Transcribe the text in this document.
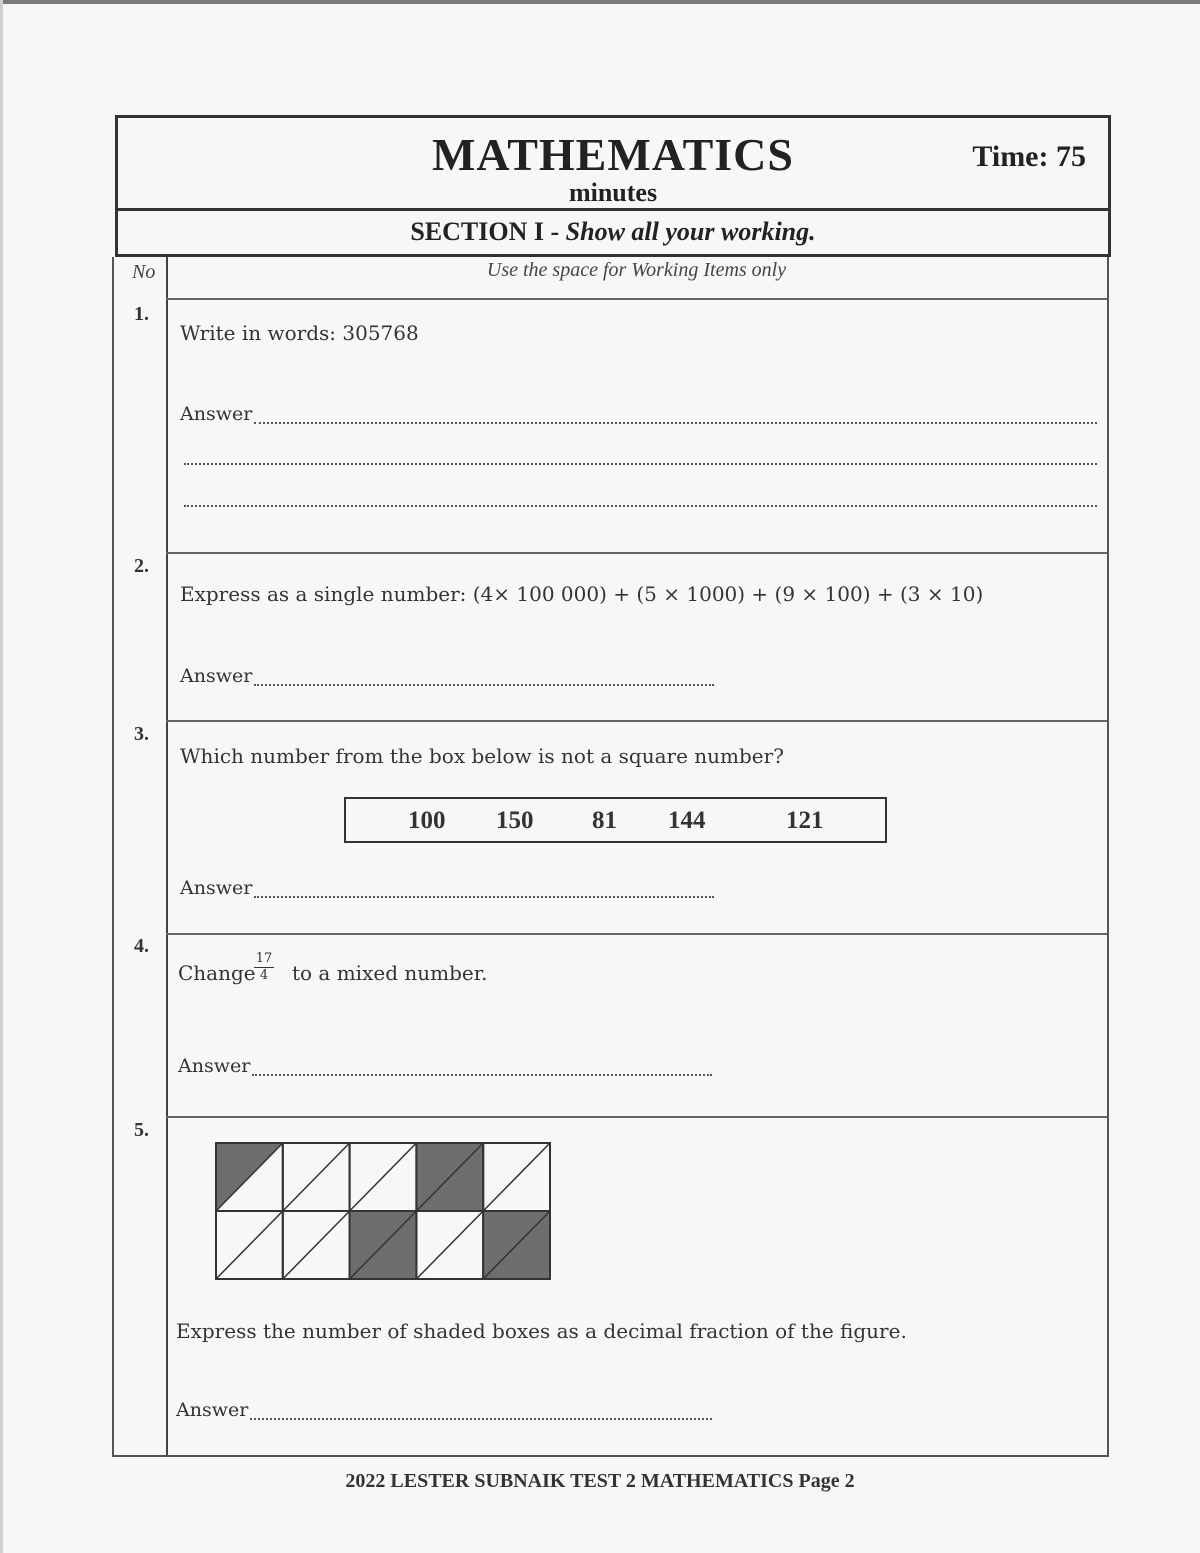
MATHEMATICS	Time: 75
minutes
SECTION I - Show all your working.
No	Use the space for Working Items only
1.
Write in words: 305768
Answer
2.
Express as a single number: (4× 100 000) + (5 × 1000) + (9 × 100) + (3 × 10)
Answer
3.
Which number from the box below is not a square number?
100 150 81 144	121
Answer
4.
Change
$\frac{17}{4}$ to a mixed number.
Answer
5.
Express the number of shaded boxes as a decimal fraction of the figure.
Answer
2022 LESTER SUBNAIK TEST 2 MATHEMATICS Page 2
